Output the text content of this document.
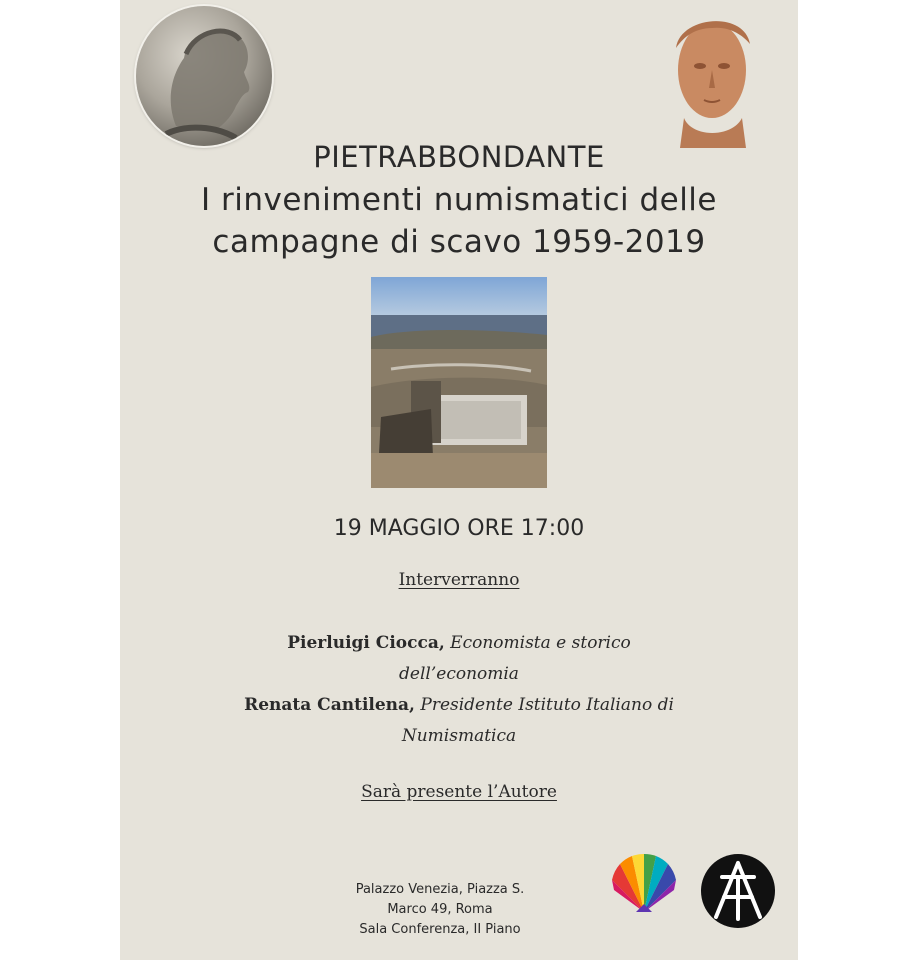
PIETRABBONDANTE
I rinvenimenti numismatici delle
campagne di scavo 1959-2019
19 MAGGIO ORE 17:00
Interverranno
Pierluigi Ciocca, Economista e storico
dell’economia
Renata Cantilena, Presidente Istituto Italiano di
Numismatica
Sarà presente l’Autore
Palazzo Venezia, Piazza S.
Marco 49, Roma
Sala Conferenza, II Piano
